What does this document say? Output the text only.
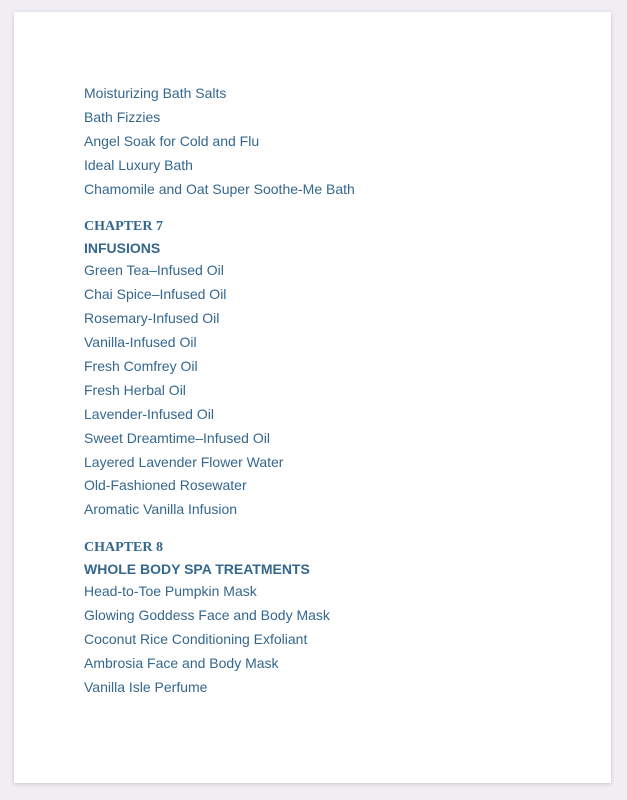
Moisturizing Bath Salts
Bath Fizzies
Angel Soak for Cold and Flu
Ideal Luxury Bath
Chamomile and Oat Super Soothe-Me Bath
CHAPTER 7
INFUSIONS
Green Tea–Infused Oil
Chai Spice–Infused Oil
Rosemary-Infused Oil
Vanilla-Infused Oil
Fresh Comfrey Oil
Fresh Herbal Oil
Lavender-Infused Oil
Sweet Dreamtime–Infused Oil
Layered Lavender Flower Water
Old-Fashioned Rosewater
Aromatic Vanilla Infusion
CHAPTER 8
WHOLE BODY SPA TREATMENTS
Head-to-Toe Pumpkin Mask
Glowing Goddess Face and Body Mask
Coconut Rice Conditioning Exfoliant
Ambrosia Face and Body Mask
Vanilla Isle Perfume
